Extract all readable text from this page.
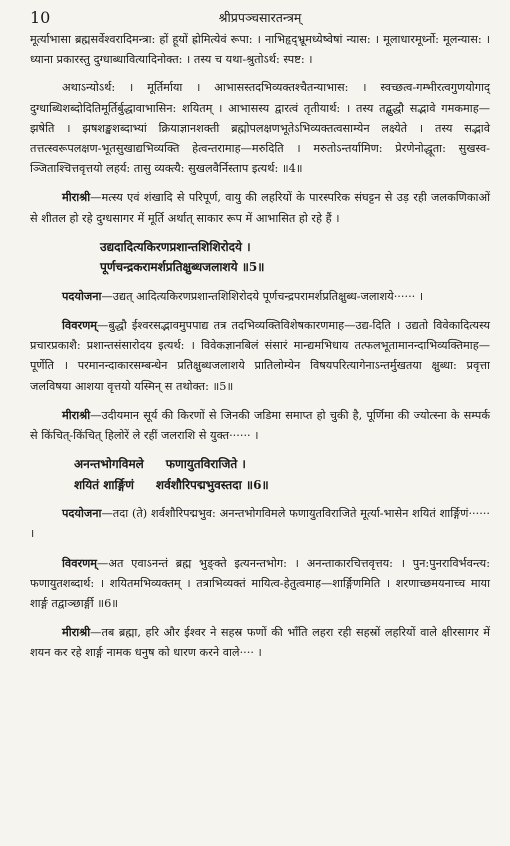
10	श्रीप्रपञ्चसारतन्त्रम्

मूर्त्याभासा ब्रह्मसर्वेश्वरादिमन्त्रा: हों हूयों ह्रोमित्येवं रूपा: । नाभिहृद्भ्रूमध्येष्वेषां न्यास: । मूलाधारमूर्ध्नो: मूलन्यास: । ध्याना प्रकारस्तु दुग्धाब्धावित्यादिनोक्त: । तस्य च यथा-श्रुतोऽर्थ: स्पष्ट: ।

अथाऽन्योऽर्थ: । मूर्तिर्माया । आभासस्तदभिव्यक्तश्चैतन्याभास: । स्वच्छत्व-गम्भीरत्वगुणयोगाद् दुग्धाब्धिशब्दोदितिमूर्तिर्बुद्धावाभासिन: शयितम् । आभासस्य द्वारत्वं तृतीयार्थ: । तस्य तद्बुद्धौ सद्भावे गमकमाह—झषेति । झषशङ्खशब्दाभ्यां क्रियाज्ञानशक्ती ब्रह्मोपलक्षणभूतेऽभिव्यक्तत्वसाम्येन लक्ष्येते । तस्य सद्भावे तत्तत्स्वरूपलक्षण-भूतसुखाद्यभिव्यक्ति हेत्वन्तरामाह—मरुदिति । मरुतोऽन्तर्यामिण: प्रेरणेनोद्धूता: सुखस्व-ञ्जिताश्चित्तवृत्तयो लहर्य: तासु व्यक्त्यै: सुखलवैर्निस्ताप इत्यर्थ: ॥4॥

मीराश्री—मत्स्य एवं शंखादि से परिपूर्ण, वायु की लहरियों के पारस्परिक संघट्टन से उड़ रही जलकणिकाओं से शीतल हो रहे दुग्धसागर में मूर्ति अर्थात् साकार रूप में आभासित हो रहे हैं ।

उद्यदादित्यकिरणप्रशान्तशिशिरोदये ।

पूर्णचन्द्रकरामर्शप्रतिक्षुब्धजलाशये ॥5॥

पदयोजना—उद्यत् आदित्यकिरणप्रशान्तशिशिरोदये पूर्णचन्द्रपरामर्शप्रतिक्षुब्ध-जलाशये······ ।

विवरणम्—बुद्धौ ईश्वरसद्भावमुपपाद्य तत्र तदभिव्यक्तिविशेषकारणमाह—उद्य-दिति । उद्यतो विवेकादित्यस्य प्रचारप्रकाशै: प्रशान्तसंसारोदय इत्यर्थ: । विवेकज्ञानबिलं संसारं मान्द्यमभिधाय तत्फलभूतामानन्दाभिव्यक्तिमाह—पूर्णेति । परमानन्दाकारसम्बन्धेन प्रतिक्षुब्धजलाशये प्रातिलोम्येन विषयपरित्यागेनाऽन्तर्मुखतया क्षुब्धा: प्रवृत्ता जलविषया आशया वृत्तयो यस्मिन् स तथोक्त: ॥5॥

मीराश्री—उदीयमान सूर्य की किरणों से जिनकी जडिमा समाप्त हो चुकी है, पूर्णिमा की ज्योत्स्ना के सम्पर्क से किंचित्-किंचित् हिलोरें ले रहीं जलराशि से युक्त······ ।

अनन्तभोगविमले फणायुतविराजिते ।

शयितं शार्ङ्गिणं शर्वशौरिपद्मभुवस्तदा ॥6॥

पदयोजना—तदा (ते) शर्वशौरिपद्मभुव: अनन्तभोगविमले फणायुतविराजिते मूर्त्या-भासेन शयितं शार्ङ्गिणं······ ।

विवरणम्—अत एवाऽनन्तं ब्रह्म भुङ्क्ते इत्यनन्तभोग: । अनन्ताकारचित्तवृत्तय: । पुन:पुनराविर्भवन्त्य: फणायुतशब्दार्थ: । शयितमभिव्यक्तम् । तत्राभिव्यक्तं मायित्व-हेतुत्वमाह—शार्ङ्गिणमिति । शरणाच्छमयनाच्च माया शार्ङ्ग तद्वाञ्छार्ङ्गी ॥6॥

मीराश्री—तब ब्रह्मा, हरि और ईश्वर ने सहस्र फणों की भाँति लहरा रही सहस्रों लहरियों वाले क्षीरसागर में शयन कर रहे शार्ङ्ग नामक धनुष को धारण करने वाले···· ।
